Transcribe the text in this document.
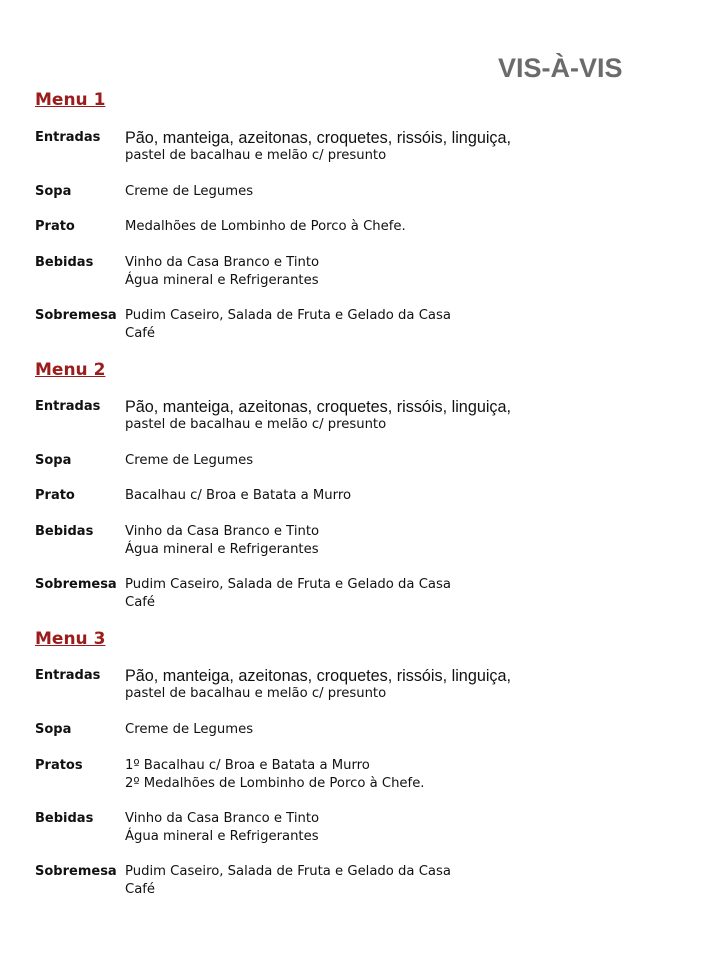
VIS-À-VIS
Menu 1
Entradas Pão, manteiga, azeitonas, croquetes, rissóis, linguiça,
pastel de bacalhau e melão c/ presunto
Sopa	Creme de Legumes
Prato	Medalhões de Lombinho de Porco à Chefe.
Bebidas Vinho da Casa Branco e Tinto
Água mineral e Refrigerantes
Sobremesa Pudim Caseiro, Salada de Fruta e Gelado da Casa
Café
Menu 2
Entradas Pão, manteiga, azeitonas, croquetes, rissóis, linguiça,
pastel de bacalhau e melão c/ presunto
Sopa	Creme de Legumes
Prato	Bacalhau c/ Broa e Batata a Murro
Bebidas Vinho da Casa Branco e Tinto
Água mineral e Refrigerantes
Sobremesa Pudim Caseiro, Salada de Fruta e Gelado da Casa
Café
Menu 3
Entradas Pão, manteiga, azeitonas, croquetes, rissóis, linguiça,
pastel de bacalhau e melão c/ presunto
Sopa	Creme de Legumes
Pratos	1º Bacalhau c/ Broa e Batata a Murro
2º Medalhões de Lombinho de Porco à Chefe.
Bebidas Vinho da Casa Branco e Tinto
Água mineral e Refrigerantes
Sobremesa Pudim Caseiro, Salada de Fruta e Gelado da Casa
Café
